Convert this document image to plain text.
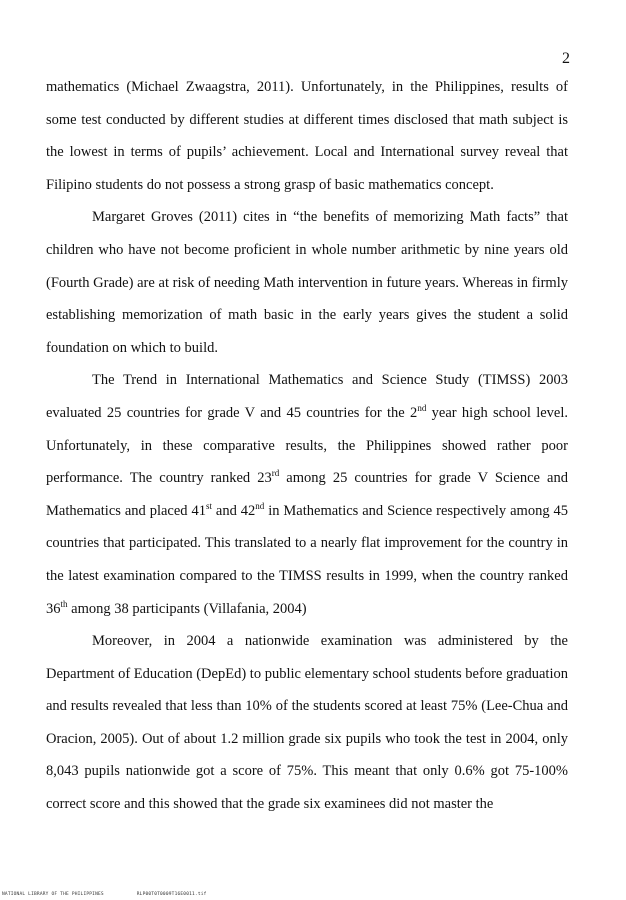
2

mathematics (Michael Zwaagstra, 2011). Unfortunately, in the Philippines, results of some test conducted by different studies at different times disclosed that math subject is the lowest in terms of pupils’ achievement. Local and International survey reveal that Filipino students do not possess a strong grasp of basic mathematics concept.

Margaret Groves (2011) cites in “the benefits of memorizing Math facts” that children who have not become proficient in whole number arithmetic by nine years old (Fourth Grade) are at risk of needing Math intervention in future years. Whereas in firmly establishing memorization of math basic in the early years gives the student a solid foundation on which to build.

The Trend in International Mathematics and Science Study (TIMSS) 2003 evaluated 25 countries for grade V and 45 countries for the 2nd year high school level. Unfortunately, in these comparative results, the Philippines showed rather poor performance. The country ranked 23rd among 25 countries for grade V Science and Mathematics and placed 41st and 42nd in Mathematics and Science respectively among 45 countries that participated. This translated to a nearly flat improvement for the country in the latest examination compared to the TIMSS results in 1999, when the country ranked 36th among 38 participants (Villafania, 2004)

Moreover, in 2004 a nationwide examination was administered by the Department of Education (DepEd) to public elementary school students before graduation and results revealed that less than 10% of the students scored at least 75% (Lee-Chua and Oracion, 2005). Out of about 1.2 million grade six pupils who took the test in 2004, only 8,043 pupils nationwide got a score of 75%. This meant that only 0.6% got 75-100% correct score and this showed that the grade six examinees did not master the

NATIONAL LIBRARY OF THE PHILIPPINES	RLP00T0T0009T16E0011.tif
